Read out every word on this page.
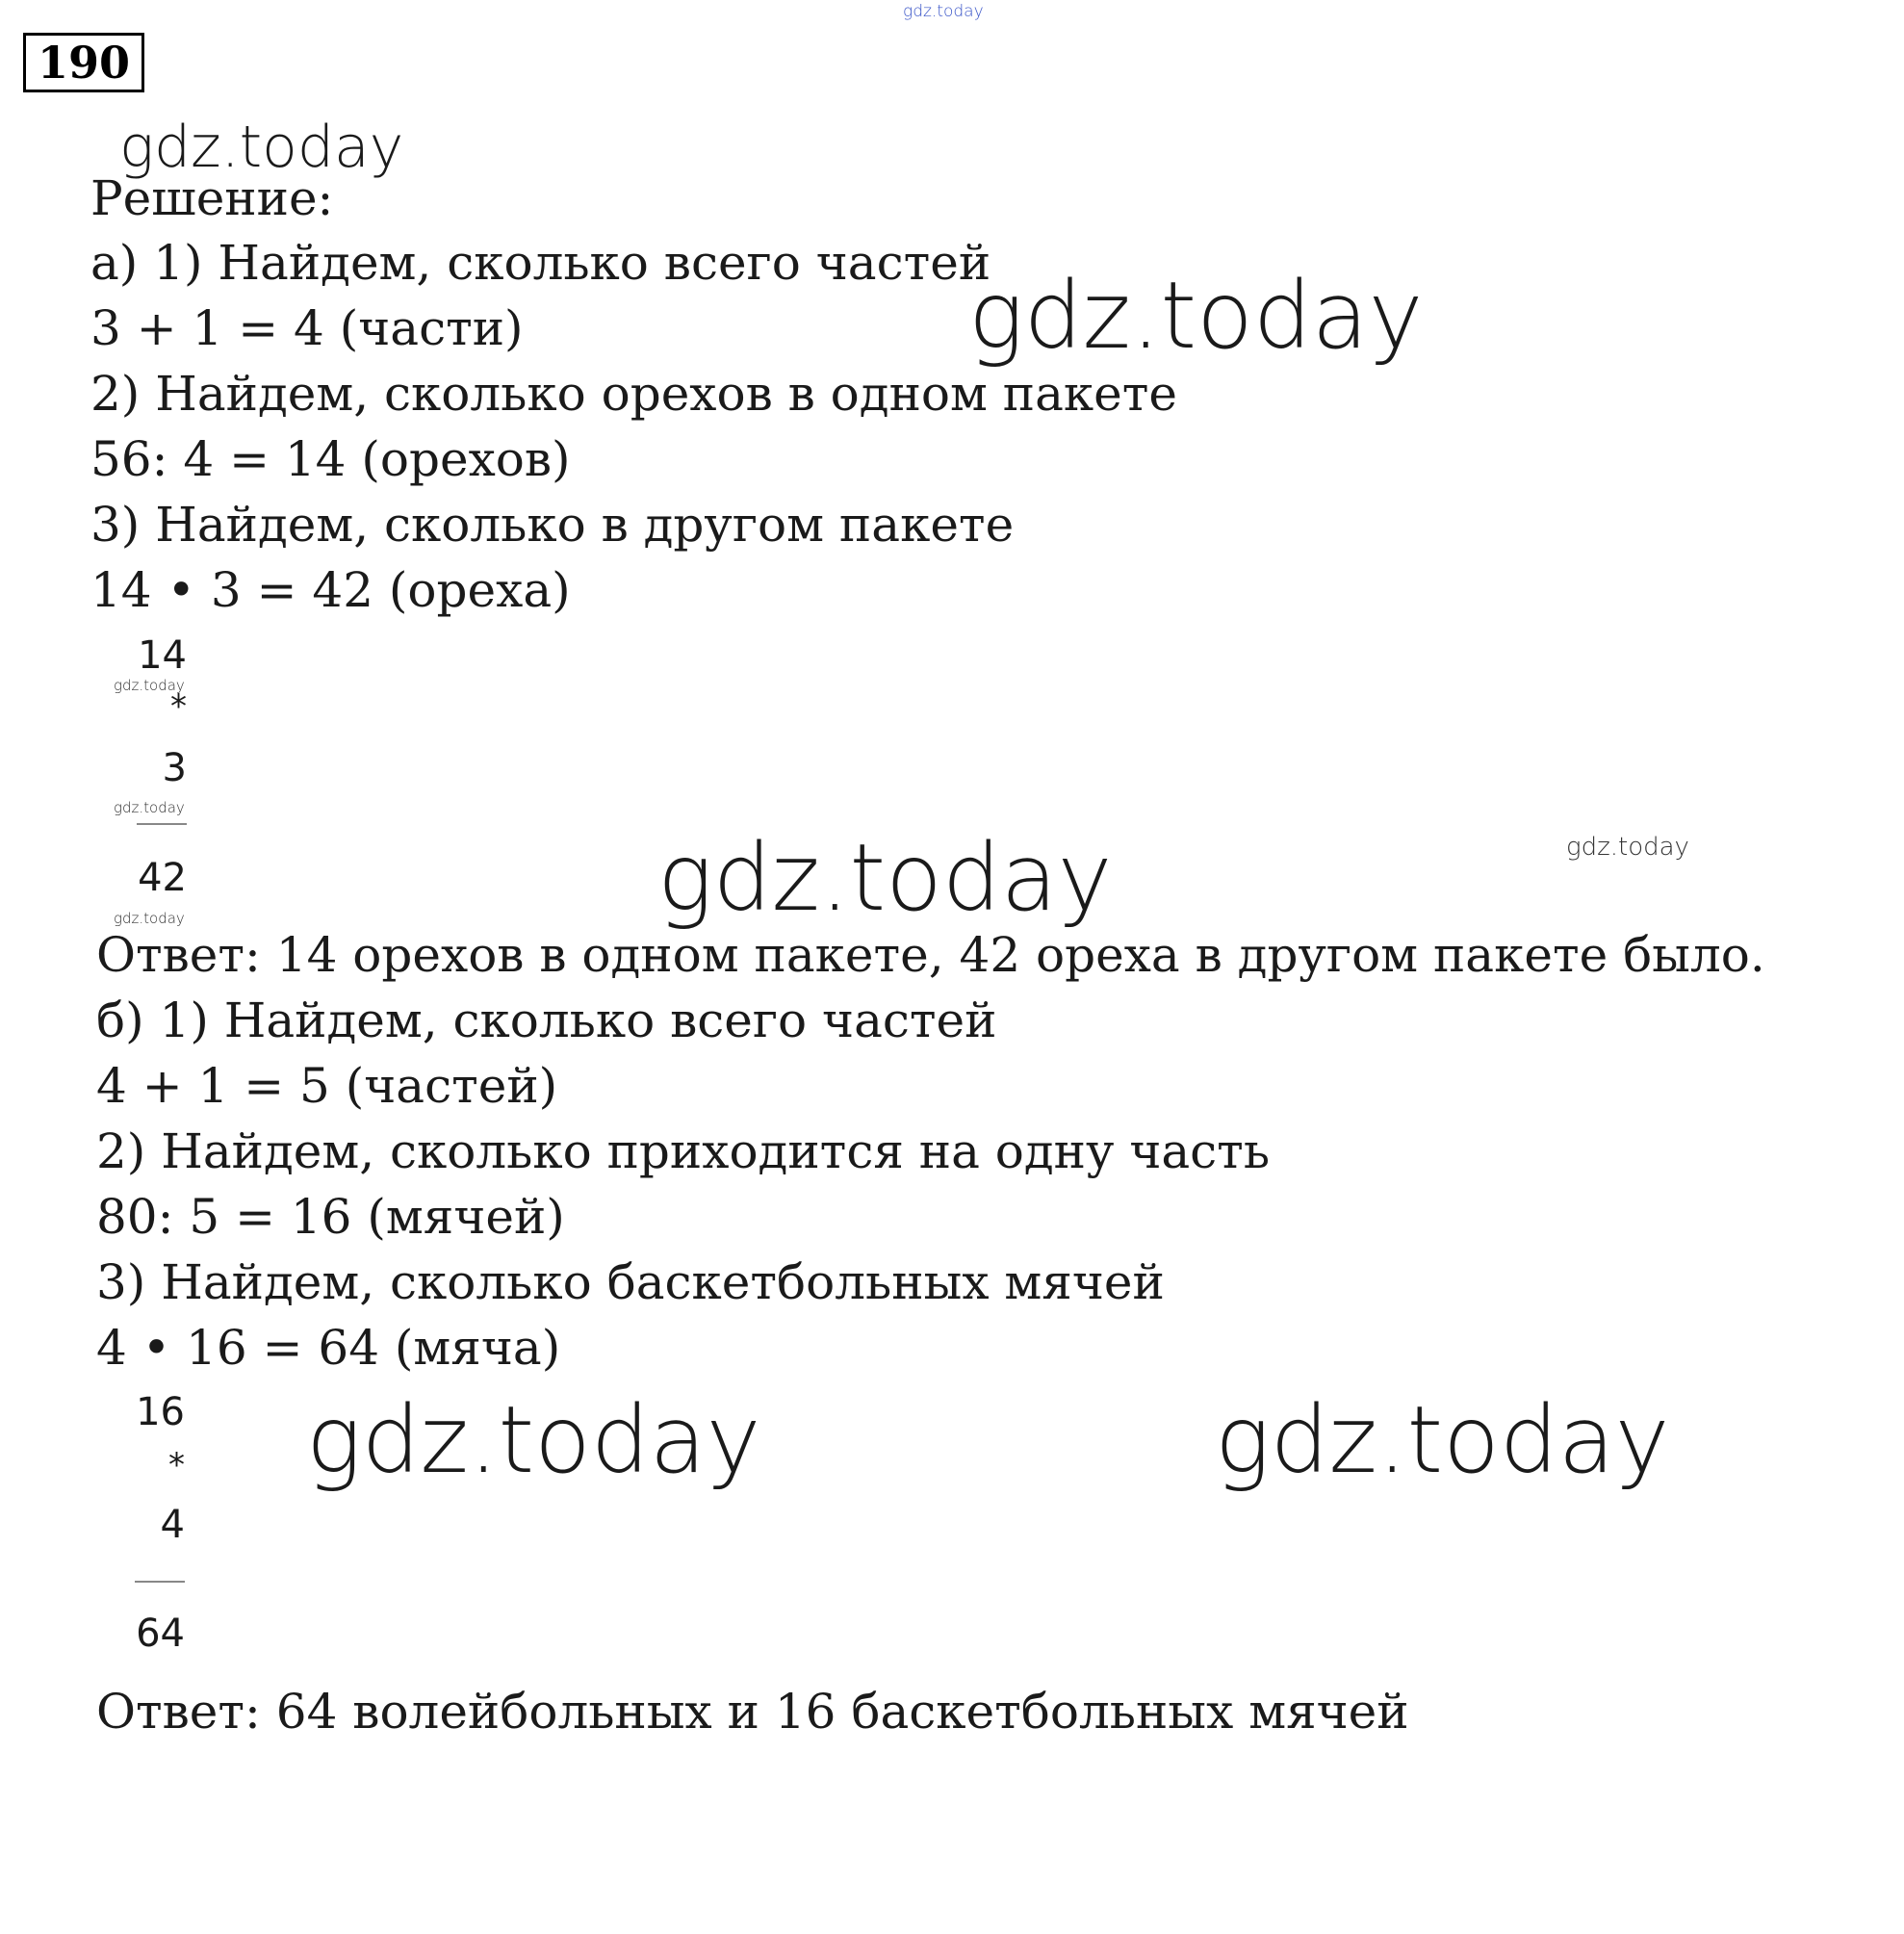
gdz.today
190
gdz.today
gdz.today
gdz.today	gdz.today
gdz.today	gdz.today
Решение:
а) 1) Найдем, сколько всего частей
3 + 1 = 4 (части)
2) Найдем, сколько орехов в одном пакете
56: 4 = 14 (орехов)
3) Найдем, сколько в другом пакете
14 • 3 = 42 (ореха)
14
gdz.today
*
3
gdz.today
42
gdz.today
Ответ: 14 орехов в одном пакете, 42 ореха в другом пакете было.
б) 1) Найдем, сколько всего частей
4 + 1 = 5 (частей)
2) Найдем, сколько приходится на одну часть
80: 5 = 16 (мячей)
3) Найдем, сколько баскетбольных мячей
4 • 16 = 64 (мяча)
16
*
4
64
Ответ: 64 волейбольных и 16 баскетбольных мячей
